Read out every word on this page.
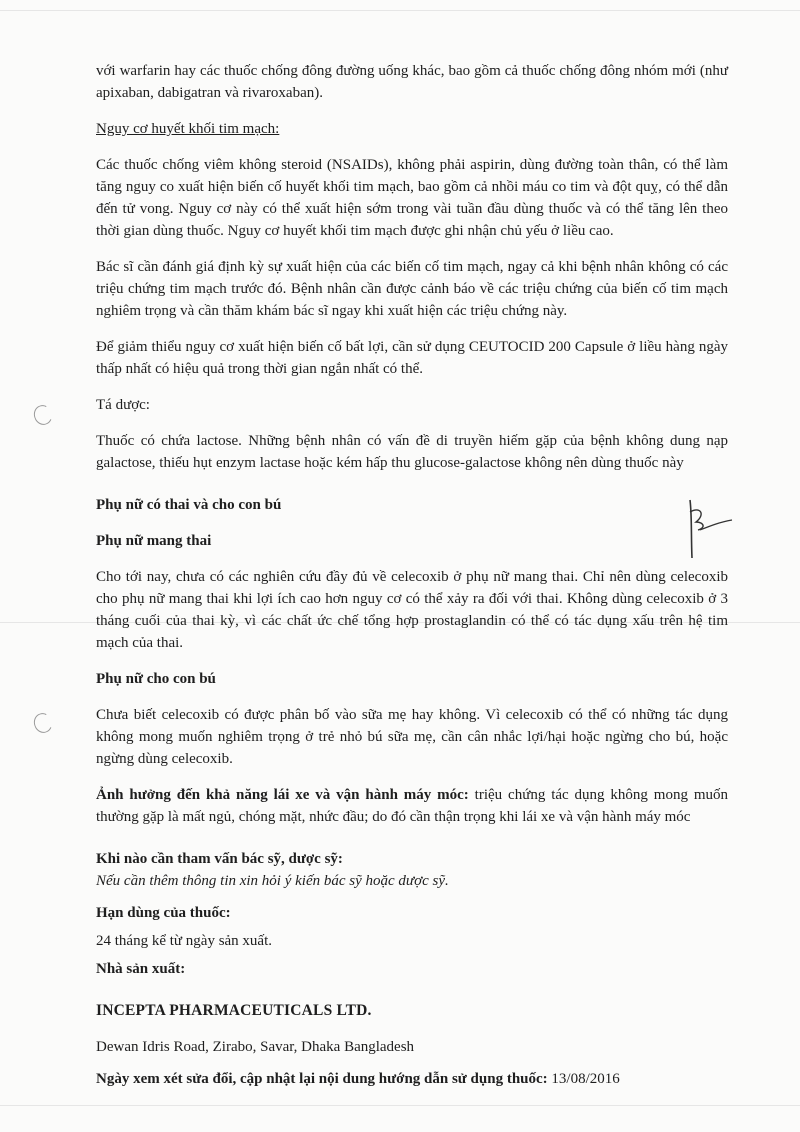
với warfarin hay các thuốc chống đông đường uống khác, bao gồm cả thuốc chống đông nhóm mới (như apixaban, dabigatran và rivaroxaban).

Nguy cơ huyết khối tim mạch:

Các thuốc chống viêm không steroid (NSAIDs), không phải aspirin, dùng đường toàn thân, có thể làm tăng nguy co xuất hiện biến cố huyết khối tim mạch, bao gồm cả nhồi máu co tim và đột quỵ, có thể dẫn đến tử vong. Nguy cơ này có thể xuất hiện sớm trong vài tuần đầu dùng thuốc và có thể tăng lên theo thời gian dùng thuốc. Nguy cơ huyết khối tim mạch được ghi nhận chủ yếu ở liều cao.

Bác sĩ cần đánh giá định kỳ sự xuất hiện của các biến cố tim mạch, ngay cả khi bệnh nhân không có các triệu chứng tim mạch trước đó. Bệnh nhân cần được cảnh báo về các triệu chứng của biến cố tim mạch nghiêm trọng và cần thăm khám bác sĩ ngay khi xuất hiện các triệu chứng này.

Để giảm thiểu nguy cơ xuất hiện biến cố bất lợi, cần sử dụng CEUTOCID 200 Capsule ở liều hàng ngày thấp nhất có hiệu quả trong thời gian ngắn nhất có thể.

Tá dược:

Thuốc có chứa lactose. Những bệnh nhân có vấn đề di truyền hiếm gặp của bệnh không dung nạp galactose, thiếu hụt enzym lactase hoặc kém hấp thu glucose-galactose không nên dùng thuốc này

Phụ nữ có thai và cho con bú

Phụ nữ mang thai

Cho tới nay, chưa có các nghiên cứu đầy đủ về celecoxib ở phụ nữ mang thai. Chỉ nên dùng celecoxib cho phụ nữ mang thai khi lợi ích cao hơn nguy cơ có thể xảy ra đối với thai. Không dùng celecoxib ở 3 tháng cuối của thai kỳ, vì các chất ức chế tổng hợp prostaglandin có thể có tác dụng xấu trên hệ tim mạch của thai.

Phụ nữ cho con bú

Chưa biết celecoxib có được phân bố vào sữa mẹ hay không. Vì celecoxib có thể có những tác dụng không mong muốn nghiêm trọng ở trẻ nhỏ bú sữa mẹ, cần cân nhắc lợi/hại hoặc ngừng cho bú, hoặc ngừng dùng celecoxib.

Ảnh hưởng đến khả năng lái xe và vận hành máy móc: triệu chứng tác dụng không mong muốn thường gặp là mất ngủ, chóng mặt, nhức đầu; do đó cần thận trọng khi lái xe và vận hành máy móc

Khi nào cần tham vấn bác sỹ, dược sỹ:

Nếu cần thêm thông tin xin hỏi ý kiến bác sỹ hoặc dược sỹ.

Hạn dùng của thuốc:

24 tháng kể từ ngày sản xuất.

Nhà sản xuất:

INCEPTA PHARMACEUTICALS LTD.

Dewan Idris Road, Zirabo, Savar, Dhaka Bangladesh

Ngày xem xét sửa đổi, cập nhật lại nội dung hướng dẫn sử dụng thuốc: 13/08/2016
